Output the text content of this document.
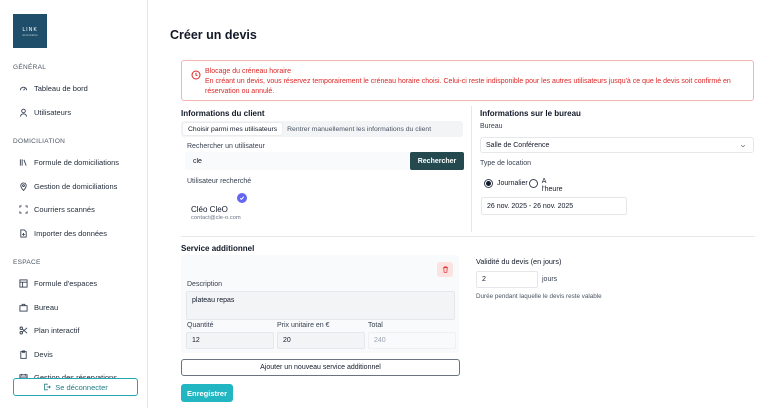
LINK
domiciliation
GÉNÉRAL
Tableau de bord
Utilisateurs
DOMICILIATION
Formule de domiciliations
Gestion de domiciliations
Courriers scannés
Importer des données
ESPACE
Formule d'espaces
Bureau
Plan interactif
Devis
Se déconnecter
Créer un devis
Blocage du créneau horaire
En créant un devis, vous réservez temporairement le créneau horaire choisi. Celui-ci reste indisponible pour les autres utilisateurs jusqu'à ce que le devis soit confirmé en réservation ou annulé.
Informations du client
Choisir parmi mes utilisateurs	Rentrer manuellement les informations du client
Rechercher un utilisateur
cle
Rechercher
Utilisateur recherché
Cléo CleO
contact@cle-o.com
Informations sur le bureau
Bureau
Salle de Conférence
Type de location
Journalier A l'heure
26 nov. 2025 - 26 nov. 2025
Service additionnel
Description
plateau repas
Quantité	Prix unitaire en €	Total
12	20	240
Ajouter un nouveau service additionnel
Enregistrer
Validité du devis (en jours)
2	jours
Durée pendant laquelle le devis reste valable
